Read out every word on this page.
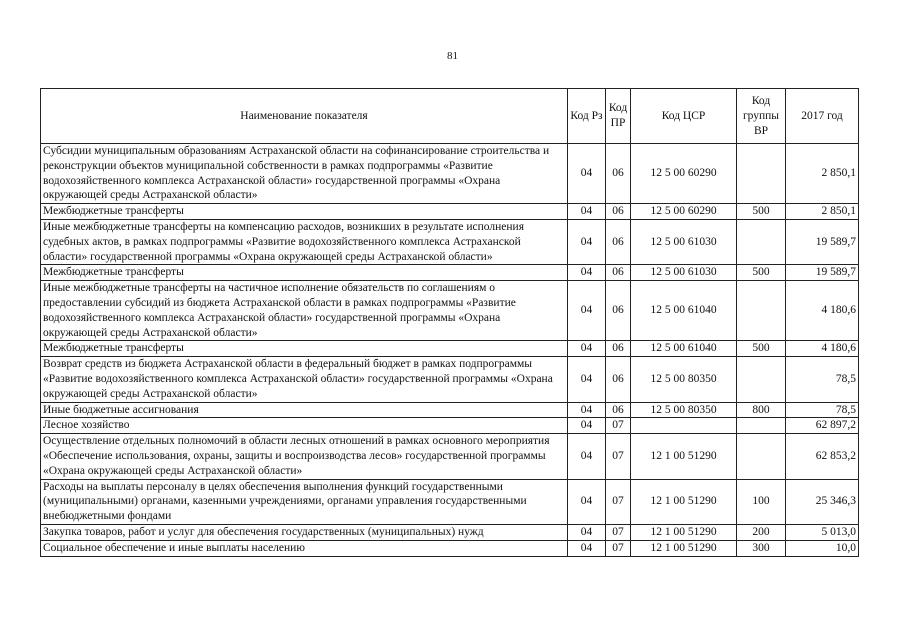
81
Наименование показателя	Код Рз	Код ПР	Код ЦСР	Код группы ВР	2017 год
Субсидии муниципальным образованиям Астраханской области на софинансирование строительства и реконструкции объектов муниципальной собственности в рамках подпрограммы «Развитие водохозяйственного комплекса Астраханской области» государственной программы «Охрана окружающей среды Астраханской области»	04	06	12 5 00 60290		2 850,1
Межбюджетные трансферты	04	06	12 5 00 60290	500	2 850,1
Иные межбюджетные трансферты на компенсацию расходов, возникших в результате исполнения судебных актов, в рамках подпрограммы «Развитие водохозяйственного комплекса Астраханской области» государственной программы «Охрана окружающей среды Астраханской области»	04	06	12 5 00 61030		19 589,7
Межбюджетные трансферты	04	06	12 5 00 61030	500	19 589,7
Иные межбюджетные трансферты на частичное исполнение обязательств по соглашениям о предоставлении субсидий из бюджета Астраханской области в рамках подпрограммы «Развитие водохозяйственного комплекса Астраханской области» государственной программы «Охрана окружающей среды Астраханской области»	04	06	12 5 00 61040		4 180,6
Межбюджетные трансферты	04	06	12 5 00 61040	500	4 180,6
Возврат средств из бюджета Астраханской области в федеральный бюджет в рамках подпрограммы «Развитие водохозяйственного комплекса Астраханской области» государственной программы «Охрана окружающей среды Астраханской области»	04	06	12 5 00 80350		78,5
Иные бюджетные ассигнования	04	06	12 5 00 80350	800	78,5
Лесное хозяйство	04	07			62 897,2
Осуществление отдельных полномочий в области лесных отношений в рамках основного мероприятия «Обеспечение использования, охраны, защиты и воспроизводства лесов» государственной программы «Охрана окружающей среды Астраханской области»	04	07	12 1 00 51290		62 853,2
Расходы на выплаты персоналу в целях обеспечения выполнения функций государственными (муниципальными) органами, казенными учреждениями, органами управления государственными внебюджетными фондами	04	07	12 1 00 51290	100	25 346,3
Закупка товаров, работ и услуг для обеспечения государственных (муниципальных) нужд	04	07	12 1 00 51290	200	5 013,0
Социальное обеспечение и иные выплаты населению	04	07	12 1 00 51290	300	10,0
